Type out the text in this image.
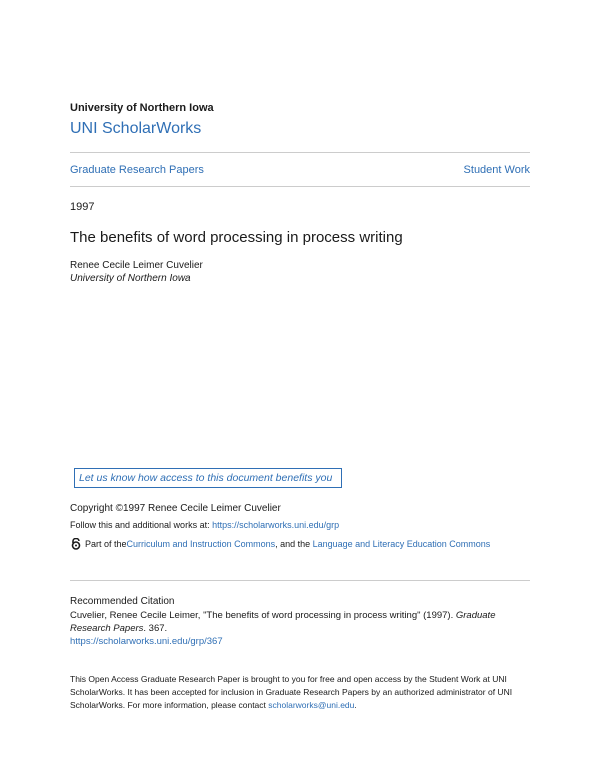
University of Northern Iowa
UNI ScholarWorks
Graduate Research Papers	Student Work
1997
The benefits of word processing in process writing
Renee Cecile Leimer Cuvelier
University of Northern Iowa
Let us know how access to this document benefits you
Copyright ©1997 Renee Cecile Leimer Cuvelier
Follow this and additional works at: https://scholarworks.uni.edu/grp
Part of the Curriculum and Instruction Commons , and the Language and Literacy Education Commons
Recommended Citation
Cuvelier, Renee Cecile Leimer, "The benefits of word processing in process writing" (1997). Graduate Research Papers. 367.
https://scholarworks.uni.edu/grp/367
This Open Access Graduate Research Paper is brought to you for free and open access by the Student Work at UNI ScholarWorks. It has been accepted for inclusion in Graduate Research Papers by an authorized administrator of UNI ScholarWorks. For more information, please contact scholarworks@uni.edu.
